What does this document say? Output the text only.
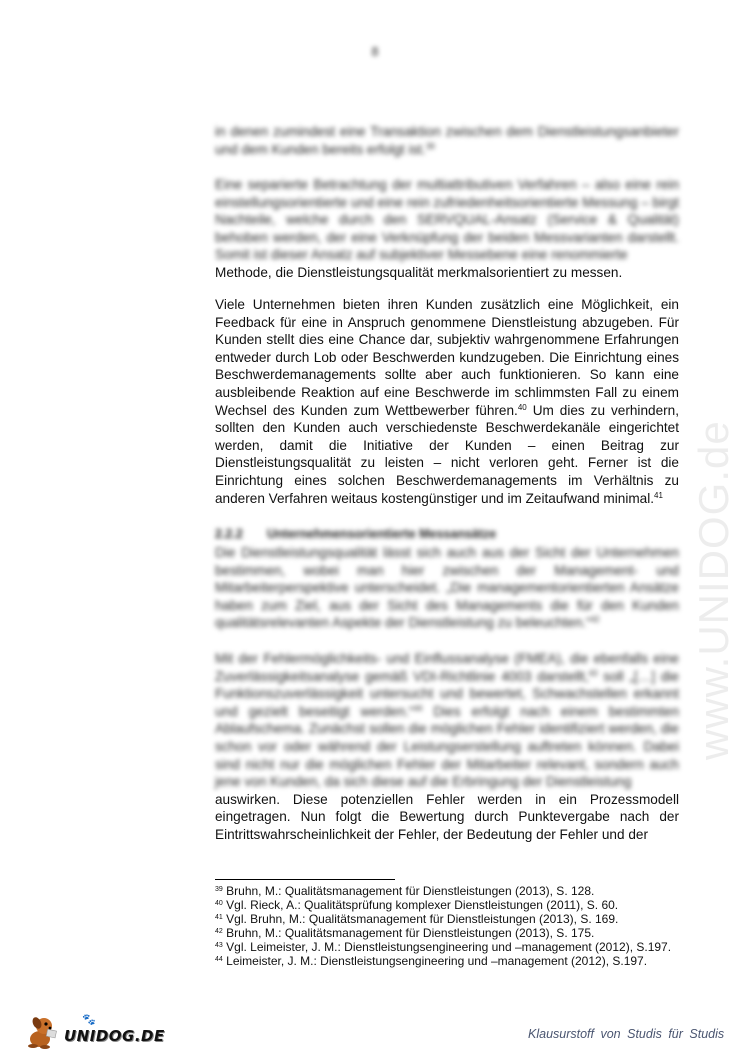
www.UNIDOG.de
8

in denen zumindest eine Transaktion zwischen dem Dienstleistungsanbieter und dem Kunden bereits erfolgt ist.$^{39}$

Eine separierte Betrachtung der multiattributiven Verfahren – also eine rein einstellungsorientierte und eine rein zufriedenheitsorientierte Messung – birgt Nachteile, welche durch den SERVQUAL-Ansatz (Service & Qualität) behoben werden, der eine Verknüpfung der beiden Messvarianten darstellt. Somit ist dieser Ansatz auf subjektiver Messebene eine renommierte
Methode, die Dienstleistungsqualität merkmalsorientiert zu messen.

Viele Unternehmen bieten ihren Kunden zusätzlich eine Möglichkeit, ein Feedback für eine in Anspruch genommene Dienstleistung abzugeben. Für Kunden stellt dies eine Chance dar, subjektiv wahrgenommene Erfahrungen entweder durch Lob oder Beschwerden kundzugeben. Die Einrichtung eines Beschwerdemanagements sollte aber auch funktionieren. So kann eine ausbleibende Reaktion auf eine Beschwerde im schlimmsten Fall zu einem Wechsel des Kunden zum Wettbewerber führen.$^{40}$ Um dies zu verhindern, sollten den Kunden auch verschiedenste Beschwerdekanäle eingerichtet werden, damit die Initiative der Kunden – einen Beitrag zur Dienstleistungsqualität zu leisten – nicht verloren geht. Ferner ist die Einrichtung eines solchen Beschwerdemanagements im Verhältnis zu anderen Verfahren weitaus kostengünstiger und im Zeitaufwand minimal.$^{41}$

2.2.2 Unternehmensorientierte Messansätze

Die Dienstleistungsqualität lässt sich auch aus der Sicht der Unternehmen bestimmen, wobei man hier zwischen der Management- und Mitarbeiterperspektive unterscheidet. „Die managementorientierten Ansätze haben zum Ziel, aus der Sicht des Managements die für den Kunden qualitätsrelevanten Aspekte der Dienstleistung zu beleuchten.“$^{42}$

Mit der Fehlermöglichkeits- und Einflussanalyse (FMEA), die ebenfalls eine Zuverlässigkeitsanalyse gemäß VDI-Richtlinie 4003 darstellt,$^{43}$ soll „[…] die Funktionszuverlässigkeit untersucht und bewertet, Schwachstellen erkannt und gezielt beseitigt werden.“$^{44}$ Dies erfolgt nach einem bestimmten Ablaufschema. Zunächst sollen die möglichen Fehler identifiziert werden, die schon vor oder während der Leistungserstellung auftreten können. Dabei sind nicht nur die möglichen Fehler der Mitarbeiter relevant, sondern auch jene von Kunden, da sich diese auf die Erbringung der Dienstleistung
auswirken. Diese potenziellen Fehler werden in ein Prozessmodell eingetragen. Nun folgt die Bewertung durch Punktevergabe nach der Eintrittswahrscheinlichkeit der Fehler, der Bedeutung der Fehler und der

$^{39}$ Bruhn, M.: Qualitätsmanagement für Dienstleistungen (2013), S. 128.

$^{40}$ Vgl. Rieck, A.: Qualitätsprüfung komplexer Dienstleistungen (2011), S. 60.

$^{41}$ Vgl. Bruhn, M.: Qualitätsmanagement für Dienstleistungen (2013), S. 169.

$^{42}$ Bruhn, M.: Qualitätsmanagement für Dienstleistungen (2013), S. 175.

$^{43}$ Vgl. Leimeister, J. M.: Dienstleistungsengineering und –management (2012), S.197.

$^{44}$ Leimeister, J. M.: Dienstleistungsengineering und –management (2012), S.197.

🐾
UNIDOG.DE	Klausurstoff von Studis für Studis
